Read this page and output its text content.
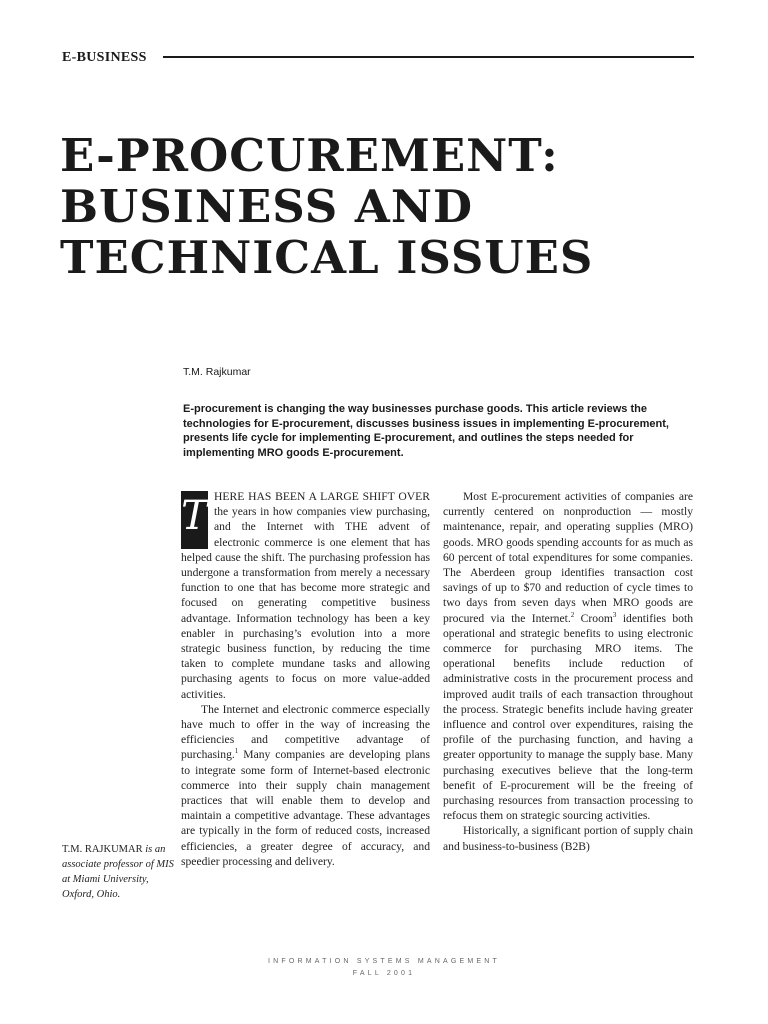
E-BUSINESS
E-PROCUREMENT:
BUSINESS AND
TECHNICAL ISSUES
T.M. Rajkumar

E-procurement is changing the way businesses purchase goods. This article reviews the technologies for E-procurement, discusses business issues in implementing E-procurement, presents life cycle for implementing E-procurement, and outlines the steps needed for implementing MRO goods E-procurement.

T HERE HAS BEEN A LARGE SHIFT OVER the years in how companies view purchasing, and the Internet with THE advent of electronic commerce is one element that has helped cause the shift. The purchasing profession has undergone a transformation from merely a necessary function to one that has become more strategic and focused on generating competitive business advantage. Information technology has been a key enabler in purchasing’s evolution into a more strategic business function, by reducing the time taken to complete mundane tasks and allowing purchasing agents to focus on more value-added activities.

The Internet and electronic commerce especially have much to offer in the way of increasing the efficiencies and competitive advantage of purchasing.$^1$ Many companies are developing plans to integrate some form of Internet-based electronic commerce into their supply chain management practices that will enable them to develop and maintain a competitive advantage. These advantages are typically in the form of reduced costs, increased efficiencies, a greater degree of accuracy, and speedier processing and delivery.

Most E-procurement activities of companies are currently centered on nonproduction — mostly maintenance, repair, and operating supplies (MRO) goods. MRO goods spending accounts for as much as 60 percent of total expenditures for some companies. The Aberdeen group identifies transaction cost savings of up to $70 and reduction of cycle times to two days from seven days when MRO goods are procured via the Internet.$^2$ Croom$^3$ identifies both operational and strategic benefits to using electronic commerce for purchasing MRO items. The operational benefits include reduction of administrative costs in the procurement process and improved audit trails of each transaction throughout the process. Strategic benefits include having greater influence and control over expenditures, raising the profile of the purchasing function, and having a greater opportunity to manage the supply base. Many purchasing executives believe that the long-term benefit of E-procurement will be the freeing of purchasing resources from transaction processing to refocus them on strategic sourcing activities.

Historically, a significant portion of supply chain and business-to-business (B2B)

T.M. RAJKUMAR is an associate professor of MIS at Miami University, Oxford, Ohio.
INFORMATION SYSTEMS MANAGEMENT
FALL 2001
